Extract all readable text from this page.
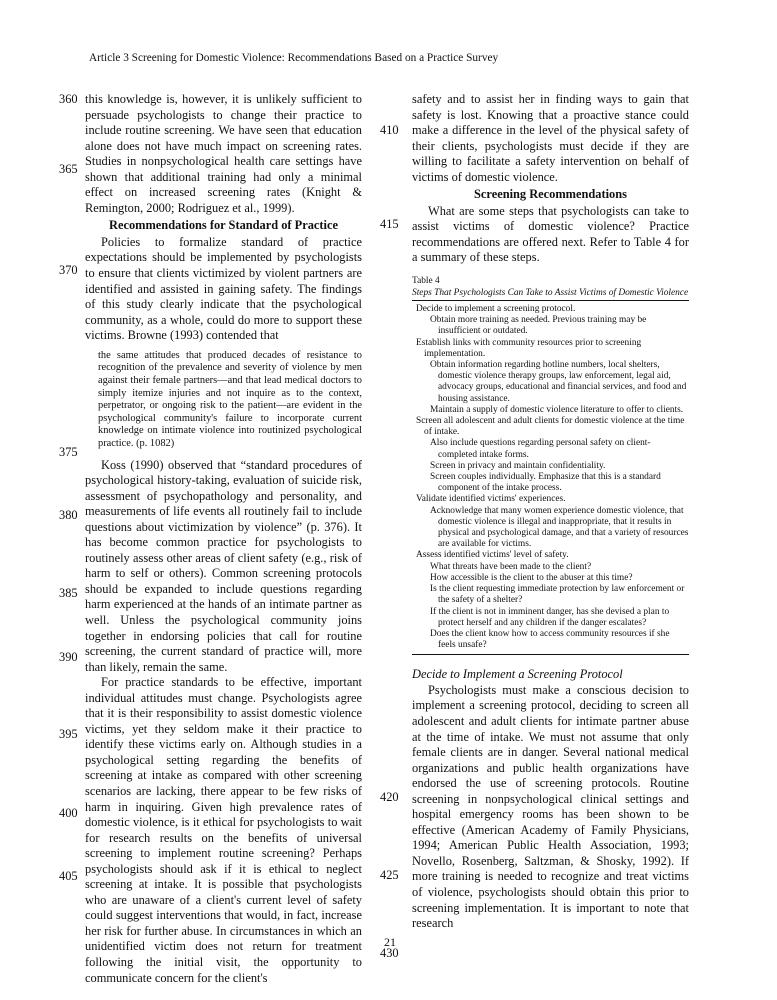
Article 3 Screening for Domestic Violence: Recommendations Based on a Practice Survey

this knowledge is, however, it is unlikely sufficient to persuade psychologists to change their practice to include routine screening. We have seen that education alone does not have much impact on screening rates. Studies in nonpsychological health care settings have shown that additional training had only a minimal effect on increased screening rates (Knight & Remington, 2000; Rodriguez et al., 1999).

Recommendations for Standard of Practice

Policies to formalize standard of practice expectations should be implemented by psychologists to ensure that clients victimized by violent partners are identified and assisted in gaining safety. The findings of this study clearly indicate that the psychological community, as a whole, could do more to support these victims. Browne (1993) contended that

the same attitudes that produced decades of resistance to recognition of the prevalence and severity of violence by men against their female partners—and that lead medical doctors to simply itemize injuries and not inquire as to the context, perpetrator, or ongoing risk to the patient—are evident in the psychological community's failure to incorporate current knowledge on intimate violence into routinized psychological practice. (p. 1082)

Koss (1990) observed that “standard procedures of psychological history-taking, evaluation of suicide risk, assessment of psychopathology and personality, and measurements of life events all routinely fail to include questions about victimization by violence” (p. 376). It has become common practice for psychologists to routinely assess other areas of client safety (e.g., risk of harm to self or others). Common screening protocols should be expanded to include questions regarding harm experienced at the hands of an intimate partner as well. Unless the psychological community joins together in endorsing policies that call for routine screening, the current standard of practice will, more than likely, remain the same.

For practice standards to be effective, important individual attitudes must change. Psychologists agree that it is their responsibility to assist domestic violence victims, yet they seldom make it their practice to identify these victims early on. Although studies in a psychological setting regarding the benefits of screening at intake as compared with other screening scenarios are lacking, there appear to be few risks of harm in inquiring. Given high prevalence rates of domestic violence, is it ethical for psychologists to wait for research results on the benefits of universal screening to implement routine screening? Perhaps psychologists should ask if it is ethical to neglect screening at intake. It is possible that psychologists who are unaware of a client's current level of safety could suggest interventions that would, in fact, increase her risk for further abuse. In circumstances in which an unidentified victim does not return for treatment following the initial visit, the opportunity to communicate concern for the client's

360
365
370
375
380
385
390
395
400
405

safety and to assist her in finding ways to gain that safety is lost. Knowing that a proactive stance could make a difference in the level of the physical safety of their clients, psychologists must decide if they are willing to facilitate a safety intervention on behalf of victims of domestic violence.

Screening Recommendations

What are some steps that psychologists can take to assist victims of domestic violence? Practice recommendations are offered next. Refer to Table 4 for a summary of these steps.

Table 4
Steps That Psychologists Can Take to Assist Victims of Domestic Violence
Decide to implement a screening protocol.
Obtain more training as needed. Previous training may be insufficient or outdated.
Establish links with community resources prior to screening implementation.
Obtain information regarding hotline numbers, local shelters, domestic violence therapy groups, law enforcement, legal aid, advocacy groups, educational and financial services, and food and housing assistance.
Maintain a supply of domestic violence literature to offer to clients.
Screen all adolescent and adult clients for domestic violence at the time of intake.
Also include questions regarding personal safety on client-completed intake forms.
Screen in privacy and maintain confidentiality.
Screen couples individually. Emphasize that this is a standard component of the intake process.
Validate identified victims' experiences.
Acknowledge that many women experience domestic violence, that domestic violence is illegal and inappropriate, that it results in physical and psychological damage, and that a variety of resources are available for victims.
Assess identified victims' level of safety.
What threats have been made to the client?
How accessible is the client to the abuser at this time?
Is the client requesting immediate protection by law enforcement or the safety of a shelter?
If the client is not in imminent danger, has she devised a plan to protect herself and any children if the danger escalates?
Does the client know how to access community resources if she feels unsafe?
Decide to Implement a Screening Protocol

Psychologists must make a conscious decision to implement a screening protocol, deciding to screen all adolescent and adult clients for intimate partner abuse at the time of intake. We must not assume that only female clients are in danger. Several national medical organizations and public health organizations have endorsed the use of screening protocols. Routine screening in nonpsychological clinical settings and hospital emergency rooms has been shown to be effective (American Academy of Family Physicians, 1994; American Public Health Association, 1993; Novello, Rosenberg, Saltzman, & Shosky, 1992). If more training is needed to recognize and treat victims of violence, psychologists should obtain this prior to screening implementation. It is important to note that research

410
415
420
425
430
21
